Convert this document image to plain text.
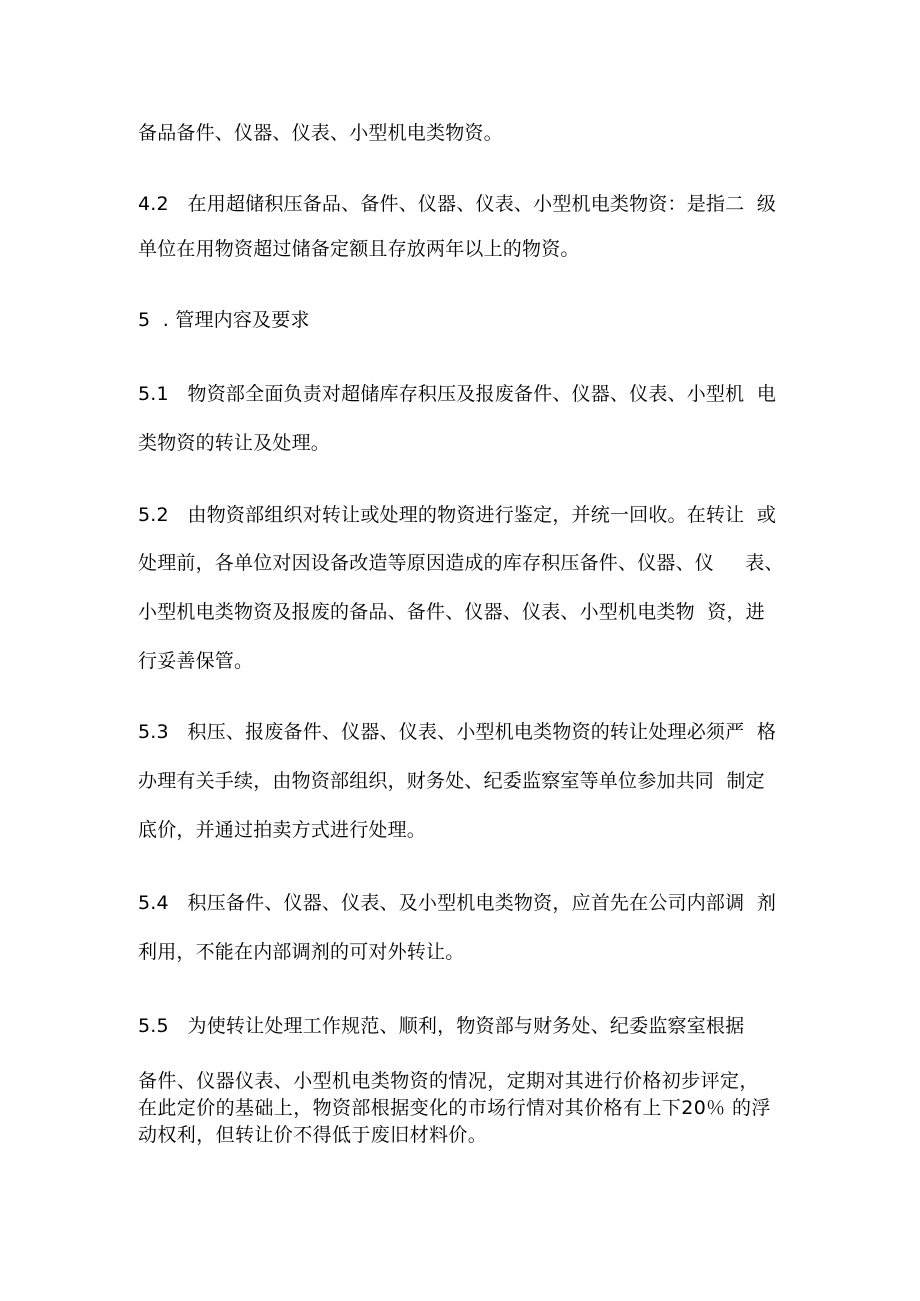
备品备件、仪器、仪表、小型机电类物资。
4.2   在用超储积压备品、备件、仪器、仪表、小型机电类物资：是指二  级
单位在用物资超过储备定额且存放两年以上的物资。
5  . 管理内容及要求
5.1   物资部全面负责对超储库存积压及报废备件、仪器、仪表、小型机  电
类物资的转让及处理。
5.2   由物资部组织对转让或处理的物资进行鉴定，并统一回收。在转让  或
处理前，各单位对因设备改造等原因造成的库存积压备件、仪器、仪     表、
小型机电类物资及报废的备品、备件、仪器、仪表、小型机电类物  资，进
行妥善保管。
5.3   积压、报废备件、仪器、仪表、小型机电类物资的转让处理必须严  格
办理有关手续，由物资部组织，财务处、纪委监察室等单位参加共同  制定
底价，并通过拍卖方式进行处理。
5.4   积压备件、仪器、仪表、及小型机电类物资，应首先在公司内部调  剂
利用，不能在内部调剂的可对外转让。
5.5   为使转让处理工作规范、顺利，物资部与财务处、纪委监察室根据
备件、仪器仪表、小型机电类物资的情况，定期对其进行价格初步评定，
在此定价的基础上，物资部根据变化的市场行情对其价格有上下20％ 的浮
动权利，但转让价不得低于废旧材料价。
